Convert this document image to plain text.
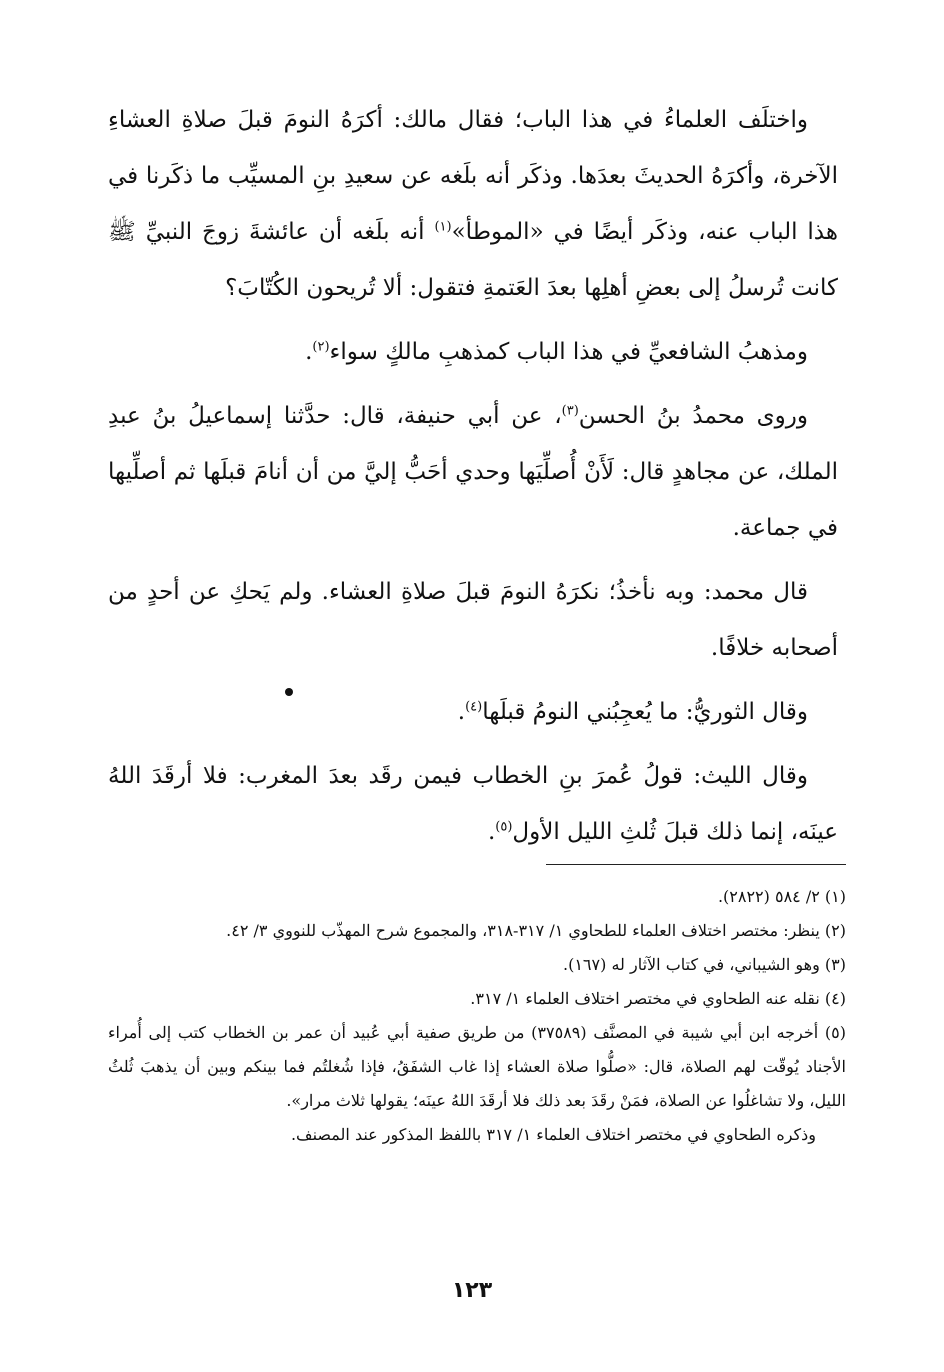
واختلَف العلماءُ في هذا الباب؛ فقال مالك: أكرَهُ النومَ قبلَ صلاةِ العشاءِ الآخرة، وأكرَهُ الحديثَ بعدَها. وذكَر أنه بلَغه عن سعيدِ بنِ المسيِّب ما ذكَرنا في هذا الباب عنه، وذكَر أيضًا في «الموطأ»$^{(١)}$ أنه بلَغه أن عائشةَ زوجَ النبيِّ ﷺ كانت تُرسلُ إلى بعضِ أهلِها بعدَ العَتمةِ فتقول: ألا تُريحون الكُتّابَ؟

ومذهبُ الشافعيِّ في هذا الباب كمذهبِ مالكٍ سواء$^{(٢)}$.

وروى محمدُ بنُ الحسن$^{(٣)}$، عن أبي حنيفة، قال: حدَّثنا إسماعيلُ بنُ عبدِ الملك، عن مجاهدٍ قال: لَأَنْ أُصلِّيَها وحدي أحَبُّ إليَّ من أن أنامَ قبلَها ثم أصلِّيها في جماعة.

قال محمد: وبه نأخذُ؛ نكرَهُ النومَ قبلَ صلاةِ العشاء. ولم يَحكِ عن أحدٍ من أصحابه خلافًا.

وقال الثوريُّ: ما يُعجِبُني النومُ قبلَها$^{(٤)}$.

وقال الليث: قولُ عُمرَ بنِ الخطاب فيمن رقَد بعدَ المغرب: فلا أرقَدَ اللهُ عينَه، إنما ذلك قبلَ ثُلثِ الليل الأول$^{(٥)}$.

(١) ٢/ ٥٨٤ (٢٨٢٢).

(٢) ينظر: مختصر اختلاف العلماء للطحاوي ١/ ٣١٧-٣١٨، والمجموع شرح المهذّب للنووي ٣/ ٤٢.

(٣) وهو الشيباني، في كتاب الآثار له (١٦٧).

(٤) نقله عنه الطحاوي في مختصر اختلاف العلماء ١/ ٣١٧.

(٥) أخرجه ابن أبي شيبة في المصنَّف (٣٧٥٨٩) من طريق صفية أبي عُبيد أن عمر بن الخطاب كتب إلى أُمراء الأجناد يُوقّت لهم الصلاة، قال: «صلُّوا صلاة العشاء إذا غاب الشفَقُ، فإذا شُغلتُم فما بينكم وبين أن يذهبَ ثُلثُ الليل، ولا تشاغلُوا عن الصلاة، فمَنْ رقَدَ بعد ذلك فلا أرقَدَ اللهُ عينَه؛ يقولها ثلاث مرار».

وذكره الطحاوي في مختصر اختلاف العلماء ١/ ٣١٧ باللفظ المذكور عند المصنف.

١٢٣
